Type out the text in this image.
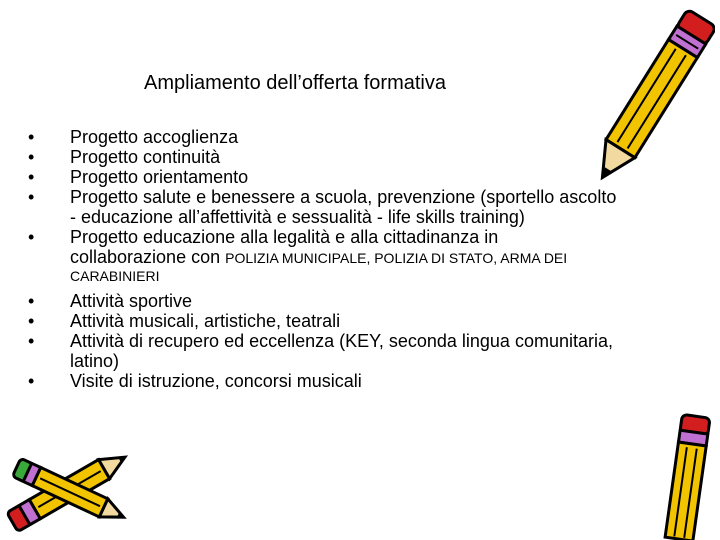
Ampliamento dell’offerta formativa
•	Progetto accoglienza
•	Progetto continuità
•	Progetto orientamento
•	Progetto salute e benessere a scuola, prevenzione (sportello ascolto
- educazione all’affettività e sessualità - life skills training)
•	Progetto educazione alla legalità e alla cittadinanza in
collaborazione con POLIZIA MUNICIPALE, POLIZIA DI STATO, ARMA DEI
CARABINIERI
•	Attività sportive
•	Attività musicali, artistiche, teatrali
•	Attività di recupero ed eccellenza (KEY, seconda lingua comunitaria,
latino)
•	Visite di istruzione, concorsi musicali
